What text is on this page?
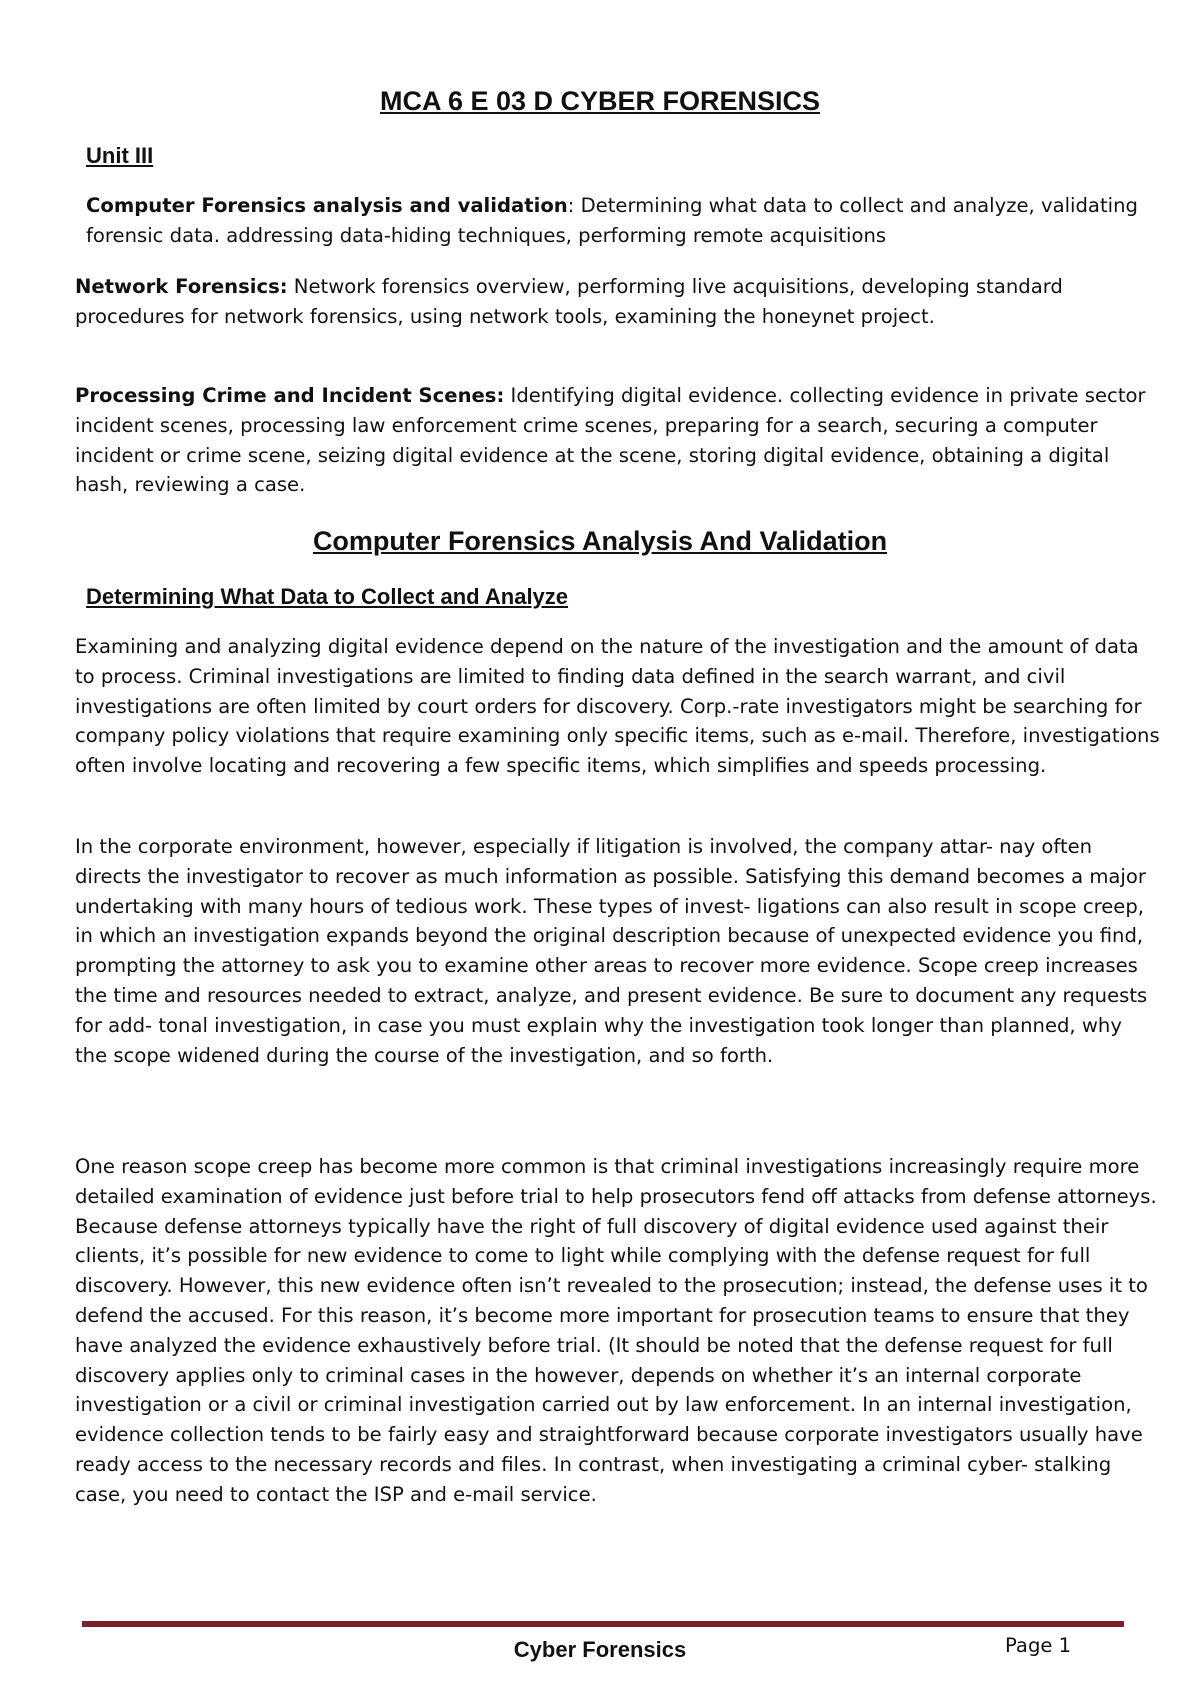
MCA 6 E 03 D CYBER FORENSICS
Unit III

Computer Forensics analysis and validation: Determining what data to collect and analyze, validating forensic data. addressing data-hiding techniques, performing remote acquisitions

Network Forensics: Network forensics overview, performing live acquisitions, developing standard procedures for network forensics, using network tools, examining the honeynet project.

Processing Crime and Incident Scenes: Identifying digital evidence. collecting evidence in private sector incident scenes, processing law enforcement crime scenes, preparing for a search, securing a computer incident or crime scene, seizing digital evidence at the scene, storing digital evidence, obtaining a digital hash, reviewing a case.

Computer Forensics Analysis And Validation
Determining What Data to Collect and Analyze

Examining and analyzing digital evidence depend on the nature of the investigation and the amount of data to process. Criminal investigations are limited to finding data defined in the search warrant, and civil investigations are often limited by court orders for discovery. Corp.-rate investigators might be searching for company policy violations that require examining only specific items, such as e-mail. Therefore, investigations often involve locating and recovering a few specific items, which simplifies and speeds processing.

In the corporate environment, however, especially if litigation is involved, the company attar- nay often directs the investigator to recover as much information as possible. Satisfying this demand becomes a major undertaking with many hours of tedious work. These types of invest- ligations can also result in scope creep, in which an investigation expands beyond the original description because of unexpected evidence you find, prompting the attorney to ask you to examine other areas to recover more evidence. Scope creep increases the time and resources needed to extract, analyze, and present evidence. Be sure to document any requests for add- tonal investigation, in case you must explain why the investigation took longer than planned, why the scope widened during the course of the investigation, and so forth.

One reason scope creep has become more common is that criminal investigations increasingly require more detailed examination of evidence just before trial to help prosecutors fend off attacks from defense attorneys. Because defense attorneys typically have the right of full discovery of digital evidence used against their clients, it’s possible for new evidence to come to light while complying with the defense request for full discovery. However, this new evidence often isn’t revealed to the prosecution; instead, the defense uses it to defend the accused. For this reason, it’s become more important for prosecution teams to ensure that they have analyzed the evidence exhaustively before trial. (It should be noted that the defense request for full discovery applies only to criminal cases in the however, depends on whether it’s an internal corporate investigation or a civil or criminal investigation carried out by law enforcement. In an internal investigation, evidence collection tends to be fairly easy and straightforward because corporate investigators usually have ready access to the necessary records and files. In contrast, when investigating a criminal cyber- stalking case, you need to contact the ISP and e-mail service.

Cyber Forensics	Page 1
